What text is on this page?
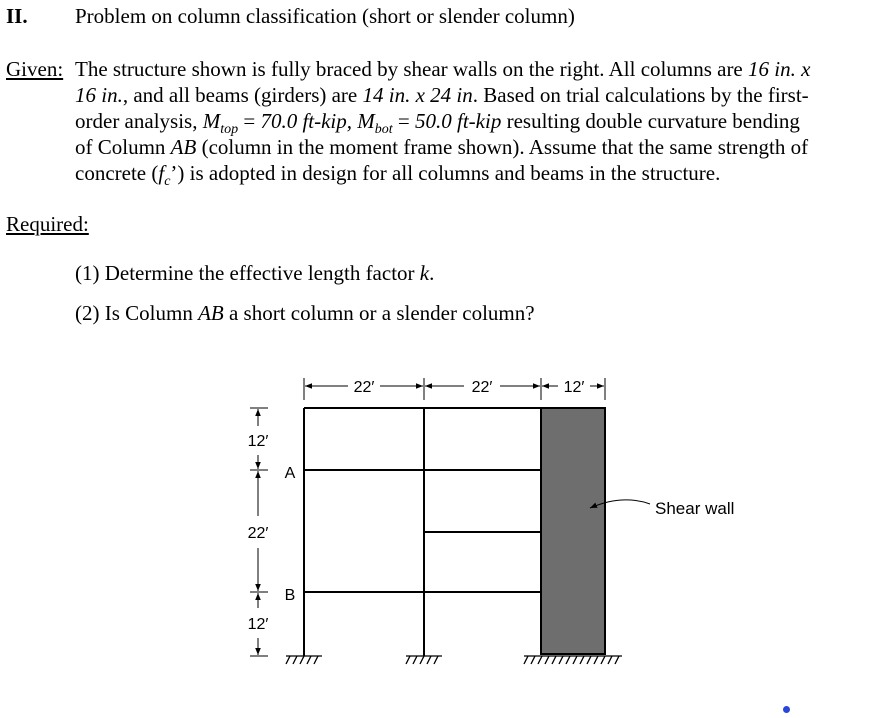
II. Problem on column classification (short or slender column)
Given: The structure shown is fully braced by shear walls on the right. All columns are 16 in. x
16 in., and all beams (girders) are 14 in. x 24 in. Based on trial calculations by the first-
order analysis, $M_{top} = 70.0$ ft-kip, $M_{bot} = 50.0$ ft-kip resulting double curvature bending
of Column AB (column in the moment frame shown). Assume that the same strength of
concrete $(f_c’)$ is adopted in design for all columns and beams in the structure.
Required:
(1) Determine the effective length factor k.
(2) Is Column AB a short column or a slender column?
22′	22′	12′
12′
22′
12′
A
B
Shear wall
